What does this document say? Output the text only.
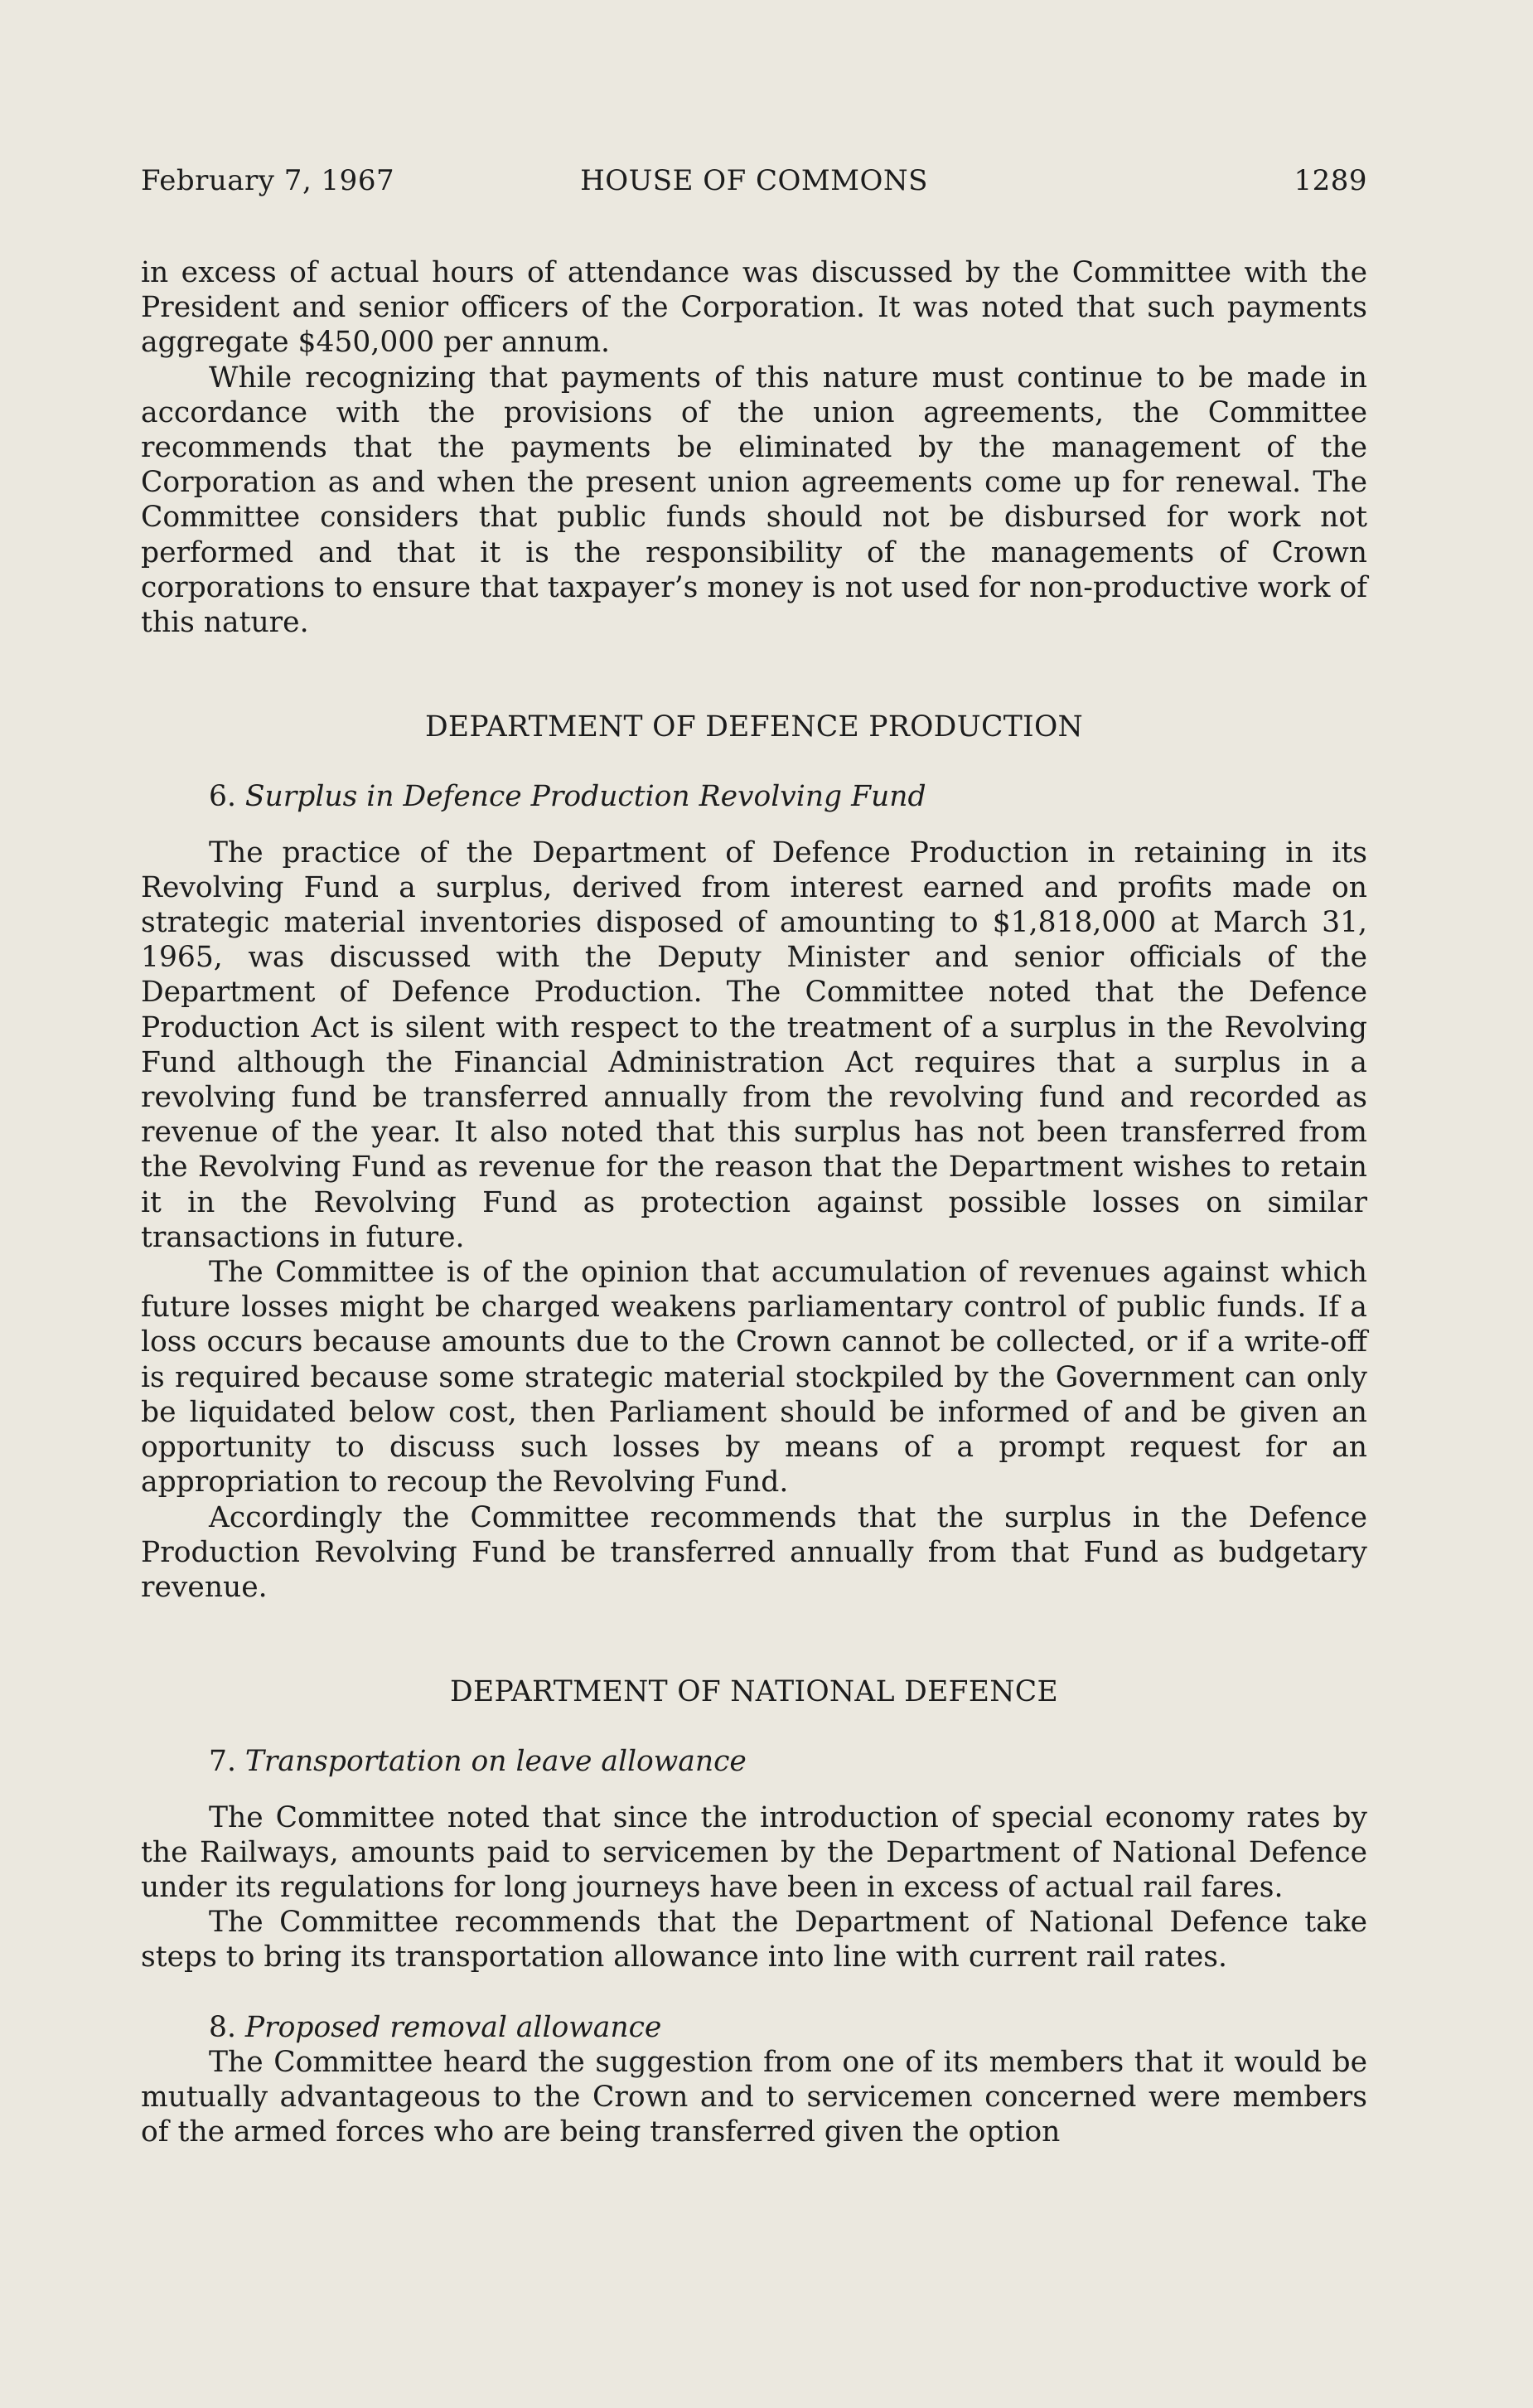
February 7, 1967	HOUSE OF COMMONS	1289

in excess of actual hours of attendance was discussed by the Committee with the President and senior officers of the Corporation. It was noted that such payments aggregate $450,000 per annum.

While recognizing that payments of this nature must continue to be made in accordance with the provisions of the union agreements, the Committee recommends that the payments be eliminated by the management of the Corporation as and when the present union agreements come up for renewal. The Committee considers that public funds should not be disbursed for work not performed and that it is the responsibility of the managements of Crown corporations to ensure that taxpayer’s money is not used for non-productive work of this nature.

DEPARTMENT OF DEFENCE PRODUCTION

6. Surplus in Defence Production Revolving Fund

The practice of the Department of Defence Production in retaining in its Revolving Fund a surplus, derived from interest earned and profits made on strategic material inventories disposed of amounting to $1,818,000 at March 31, 1965, was discussed with the Deputy Minister and senior officials of the Department of Defence Production. The Committee noted that the Defence Production Act is silent with respect to the treatment of a surplus in the Revolving Fund although the Financial Administration Act requires that a surplus in a revolving fund be transferred annually from the revolving fund and recorded as revenue of the year. It also noted that this surplus has not been transferred from the Revolving Fund as revenue for the reason that the Department wishes to retain it in the Revolving Fund as protection against possible losses on similar transactions in future.

The Committee is of the opinion that accumulation of revenues against which future losses might be charged weakens parliamentary control of public funds. If a loss occurs because amounts due to the Crown cannot be collected, or if a write-off is required because some strategic material stockpiled by the Government can only be liquidated below cost, then Parliament should be informed of and be given an opportunity to discuss such losses by means of a prompt request for an appropriation to recoup the Revolving Fund.

Accordingly the Committee recommends that the surplus in the Defence Production Revolving Fund be transferred annually from that Fund as budgetary revenue.

DEPARTMENT OF NATIONAL DEFENCE

7. Transportation on leave allowance

The Committee noted that since the introduction of special economy rates by the Railways, amounts paid to servicemen by the Department of National Defence under its regulations for long journeys have been in excess of actual rail fares.

The Committee recommends that the Department of National Defence take steps to bring its transportation allowance into line with current rail rates.

8. Proposed removal allowance

The Committee heard the suggestion from one of its members that it would be mutually advantageous to the Crown and to servicemen concerned were members of the armed forces who are being transferred given the option
